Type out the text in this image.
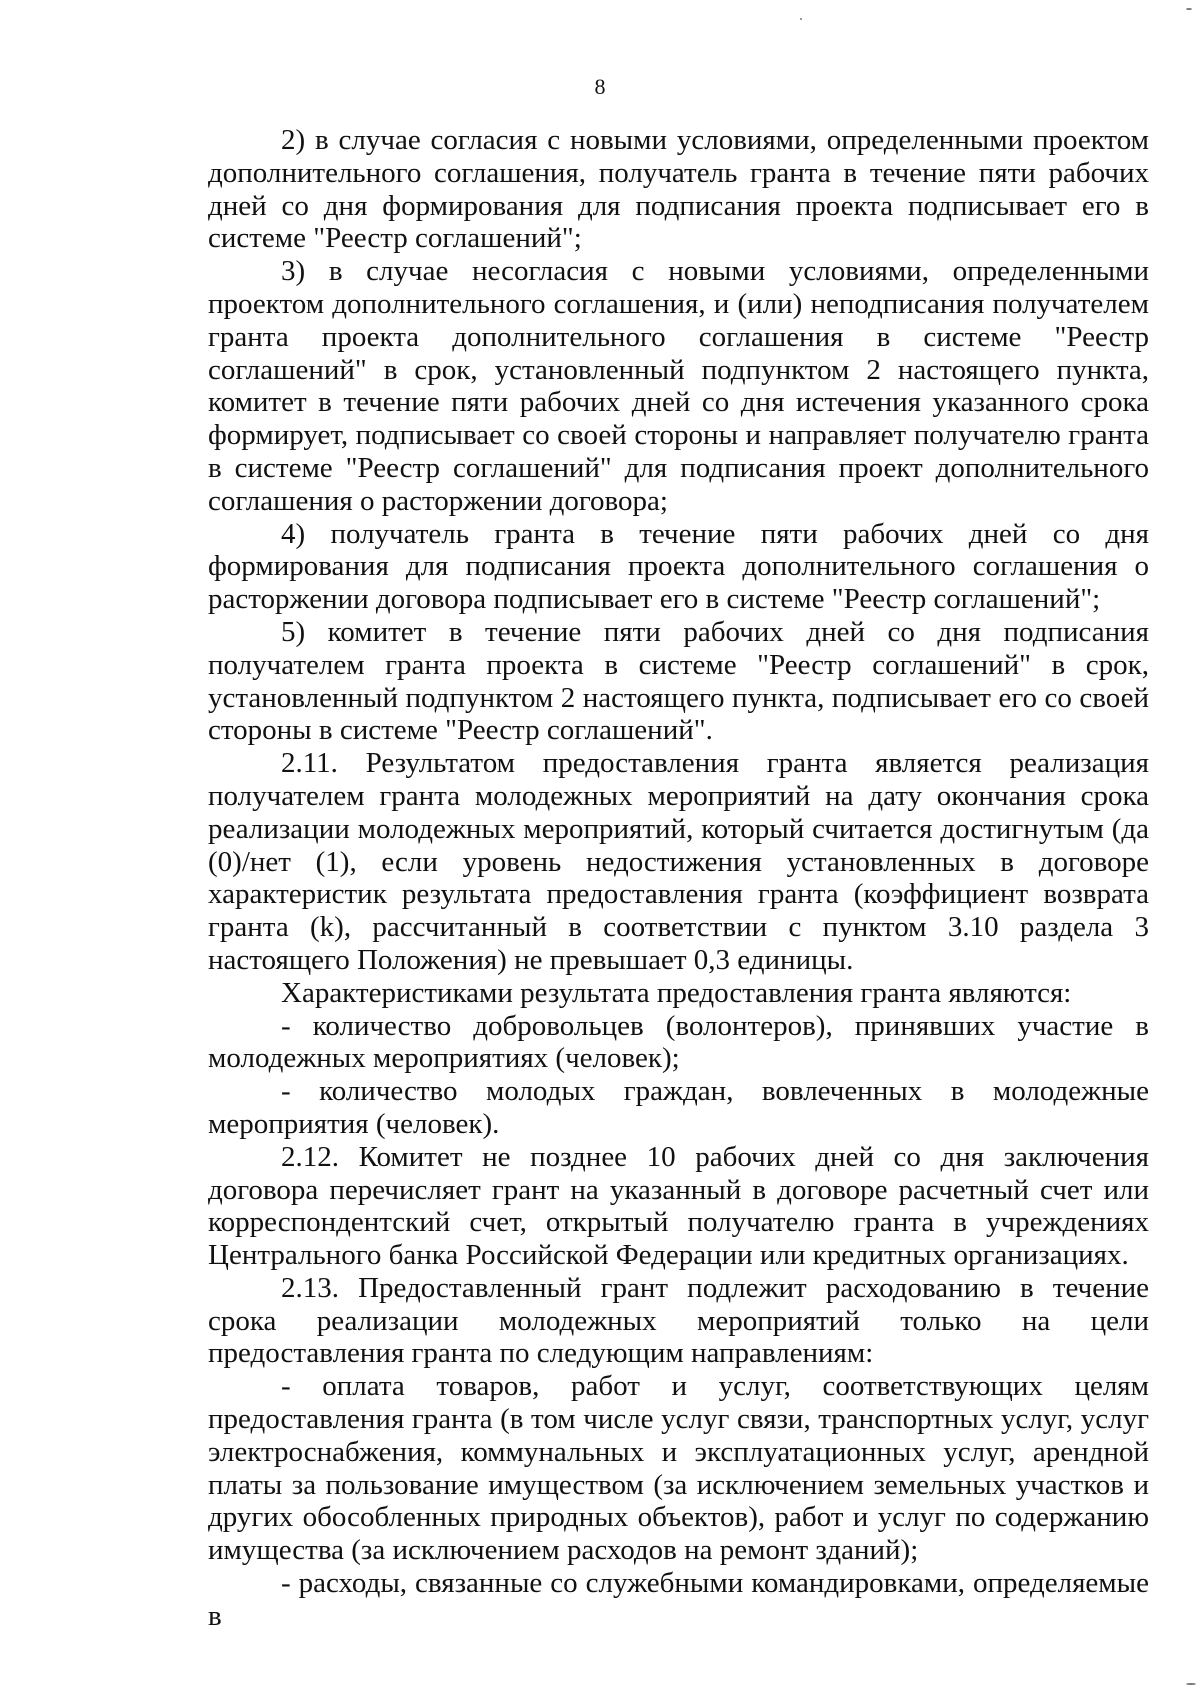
8

2) в случае согласия с новыми условиями, определенными проектом дополнительного соглашения, получатель гранта в течение пяти рабочих дней со дня формирования для подписания проекта подписывает его в системе "Реестр соглашений";

3) в случае несогласия с новыми условиями, определенными проектом дополнительного соглашения, и (или) неподписания получателем гранта проекта дополнительного соглашения в системе "Реестр соглашений" в срок, установленный подпунктом 2 настоящего пункта, комитет в течение пяти рабочих дней со дня истечения указанного срока формирует, подписывает со своей стороны и направляет получателю гранта в системе "Реестр соглашений" для подписания проект дополнительного соглашения о расторжении договора;

4) получатель гранта в течение пяти рабочих дней со дня формирования для подписания проекта дополнительного соглашения о расторжении договора подписывает его в системе "Реестр соглашений";

5) комитет в течение пяти рабочих дней со дня подписания получателем гранта проекта в системе "Реестр соглашений" в срок, установленный подпунктом 2 настоящего пункта, подписывает его со своей стороны в системе "Реестр соглашений".

2.11. Результатом предоставления гранта является реализация получателем гранта молодежных мероприятий на дату окончания срока реализации молодежных мероприятий, который считается достигнутым (да (0)/нет (1), если уровень недостижения установленных в договоре характеристик результата предоставления гранта (коэффициент возврата гранта (k), рассчитанный в соответствии с пунктом 3.10 раздела 3 настоящего Положения) не превышает 0,3 единицы.

Характеристиками результата предоставления гранта являются:

- количество добровольцев (волонтеров), принявших участие в молодежных мероприятиях (человек);

- количество молодых граждан, вовлеченных в молодежные мероприятия (человек).

2.12. Комитет не позднее 10 рабочих дней со дня заключения договора перечисляет грант на указанный в договоре расчетный счет или корреспондентский счет, открытый получателю гранта в учреждениях Центрального банка Российской Федерации или кредитных организациях.

2.13. Предоставленный грант подлежит расходованию в течение срока реализации молодежных мероприятий только на цели предоставления гранта по следующим направлениям:

- оплата товаров, работ и услуг, соответствующих целям предоставления гранта (в том числе услуг связи, транспортных услуг, услуг электроснабжения, коммунальных и эксплуатационных услуг, арендной платы за пользование имуществом (за исключением земельных участков и других обособленных природных объектов), работ и услуг по содержанию имущества (за исключением расходов на ремонт зданий);

- расходы, связанные со служебными командировками, определяемые в
